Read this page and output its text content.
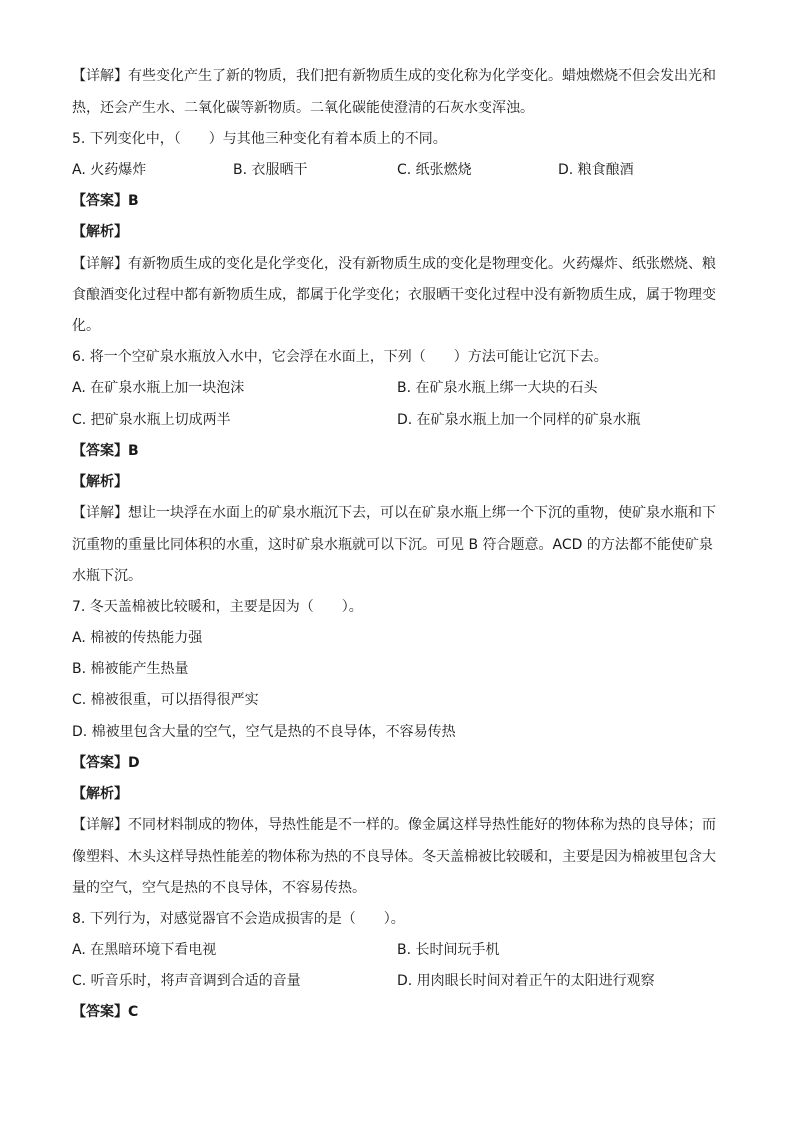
【详解】有些变化产生了新的物质，我们把有新物质生成的变化称为化学变化。蜡烛燃烧不但会发出光和
热，还会产生水、二氧化碳等新物质。二氧化碳能使澄清的石灰水变浑浊。
5. 下列变化中，（　　）与其他三种变化有着本质上的不同。
A. 火药爆炸	B. 衣服晒干	C. 纸张燃烧	D. 粮食酿酒
【答案】B
【解析】
【详解】有新物质生成的变化是化学变化，没有新物质生成的变化是物理变化。火药爆炸、纸张燃烧、粮
食酿酒变化过程中都有新物质生成，都属于化学变化；衣服晒干变化过程中没有新物质生成，属于物理变
化。
6. 将一个空矿泉水瓶放入水中，它会浮在水面上，下列（　　）方法可能让它沉下去。
A. 在矿泉水瓶上加一块泡沫	B. 在矿泉水瓶上绑一大块的石头
C. 把矿泉水瓶上切成两半	D. 在矿泉水瓶上加一个同样的矿泉水瓶
【答案】B
【解析】
【详解】想让一块浮在水面上的矿泉水瓶沉下去，可以在矿泉水瓶上绑一个下沉的重物，使矿泉水瓶和下
沉重物的重量比同体积的水重，这时矿泉水瓶就可以下沉。可见 B 符合题意。ACD 的方法都不能使矿泉
水瓶下沉。
7. 冬天盖棉被比较暖和，主要是因为（　　）。
A. 棉被的传热能力强
B. 棉被能产生热量
C. 棉被很重，可以捂得很严实
D. 棉被里包含大量的空气，空气是热的不良导体，不容易传热
【答案】D
【解析】
【详解】不同材料制成的物体，导热性能是不一样的。像金属这样导热性能好的物体称为热的良导体；而
像塑料、木头这样导热性能差的物体称为热的不良导体。冬天盖棉被比较暖和，主要是因为棉被里包含大
量的空气，空气是热的不良导体，不容易传热。
8. 下列行为，对感觉器官不会造成损害的是（　　）。
A. 在黑暗环境下看电视	B. 长时间玩手机
C. 听音乐时，将声音调到合适的音量	D. 用肉眼长时间对着正午的太阳进行观察
【答案】C
